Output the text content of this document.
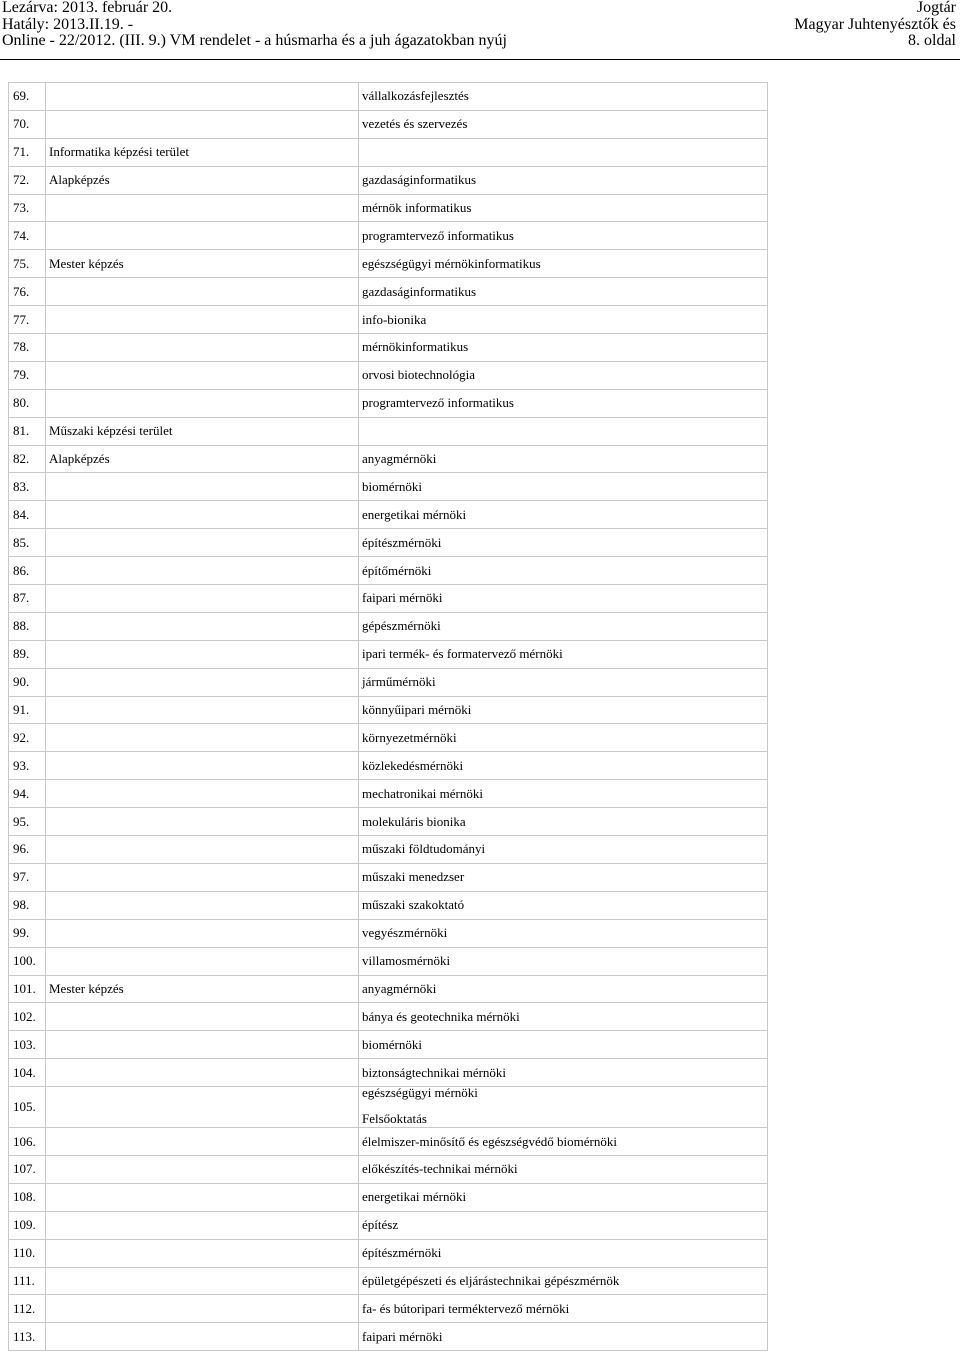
Lezárva: 2013. február 20.
Hatály: 2013.II.19. -
Online - 22/2012. (III. 9.) VM rendelet - a húsmarha és a juh ágazatokban nyúj
Jogtár
Magyar Juhtenyésztők és
8. oldal
69.		vállalkozásfejlesztés
70.		vezetés és szervezés
71.	Informatika képzési terület	
72.	Alapképzés	gazdaságinformatikus
73.		mérnök informatikus
74.		programtervező informatikus
75.	Mester képzés	egészségügyi mérnökinformatikus
76.		gazdaságinformatikus
77.		info-bionika
78.		mérnökinformatikus
79.		orvosi biotechnológia
80.		programtervező informatikus
81.	Műszaki képzési terület	
82.	Alapképzés	anyagmérnöki
83.		biomérnöki
84.		energetikai mérnöki
85.		építészmérnöki
86.		építőmérnöki
87.		faipari mérnöki
88.		gépészmérnöki
89.		ipari termék- és formatervező mérnöki
90.		járműmérnöki
91.		könnyűipari mérnöki
92.		környezetmérnöki
93.		közlekedésmérnöki
94.		mechatronikai mérnöki
95.		molekuláris bionika
96.		műszaki földtudományi
97.		műszaki menedzser
98.		műszaki szakoktató
99.		vegyészmérnöki
100.		villamosmérnöki
101.	Mester képzés	anyagmérnöki
102.		bánya és geotechnika mérnöki
103.		biomérnöki
104.		biztonságtechnikai mérnöki
105.		egészségügyi mérnöki
Felsőoktatás

106.		élelmiszer-minősítő és egészségvédő biomérnöki
107.		előkészítés-technikai mérnöki
108.		energetikai mérnöki
109.		építész
110.		építészmérnöki
111.		épületgépészeti és eljárástechnikai gépészmérnök
112.		fa- és bútoripari terméktervező mérnöki
113.		faipari mérnöki
